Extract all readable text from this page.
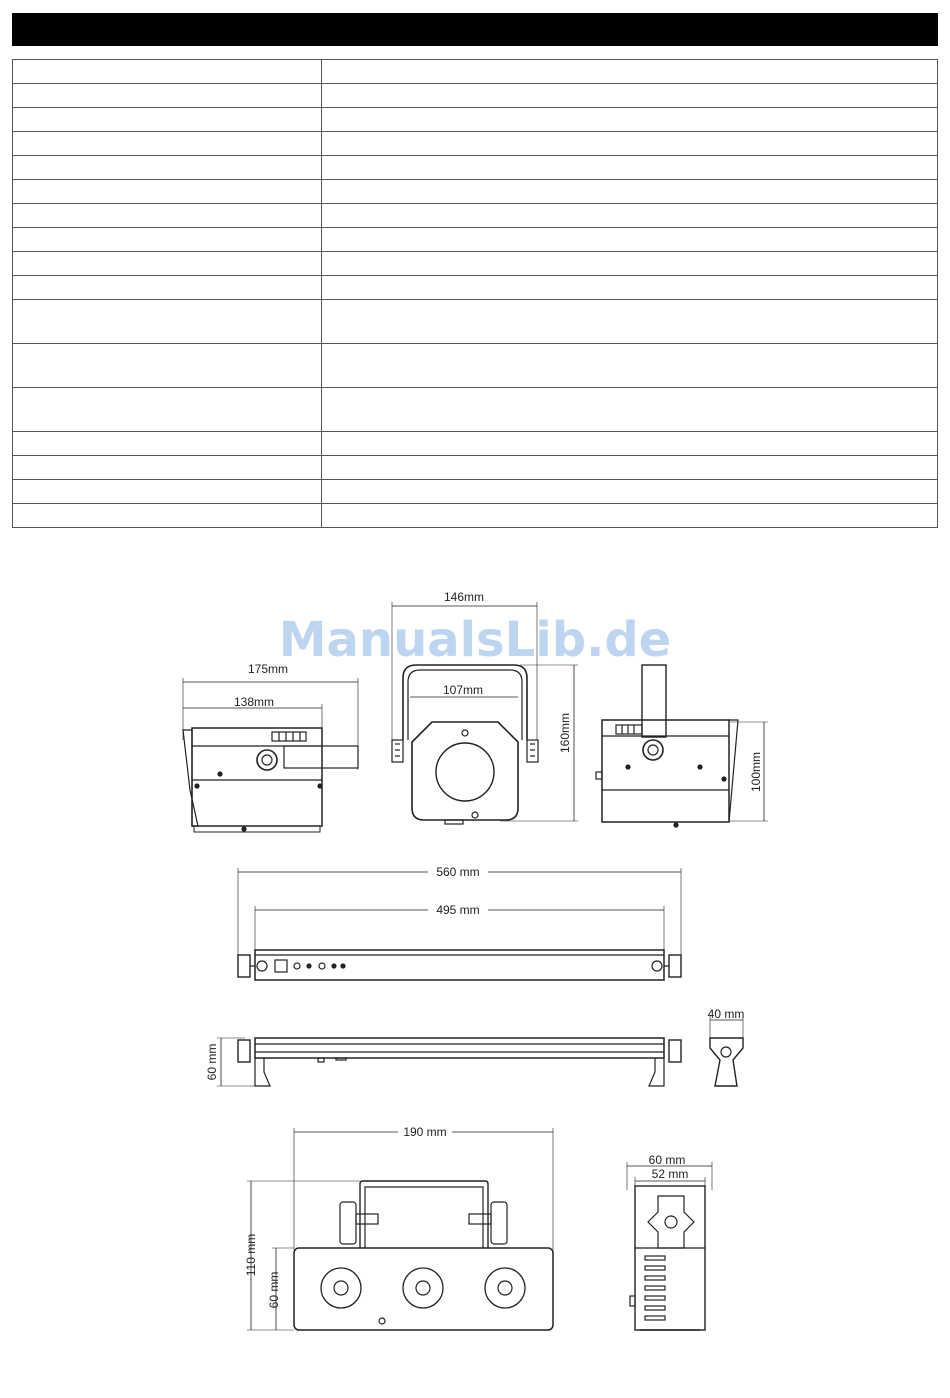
ManualsLib.de
175mm
138mm
146mm
107mm
160mm
100mm
560 mm
495 mm
60 mm
40 mm
190 mm
110 mm
60 mm
60 mm
52 mm
